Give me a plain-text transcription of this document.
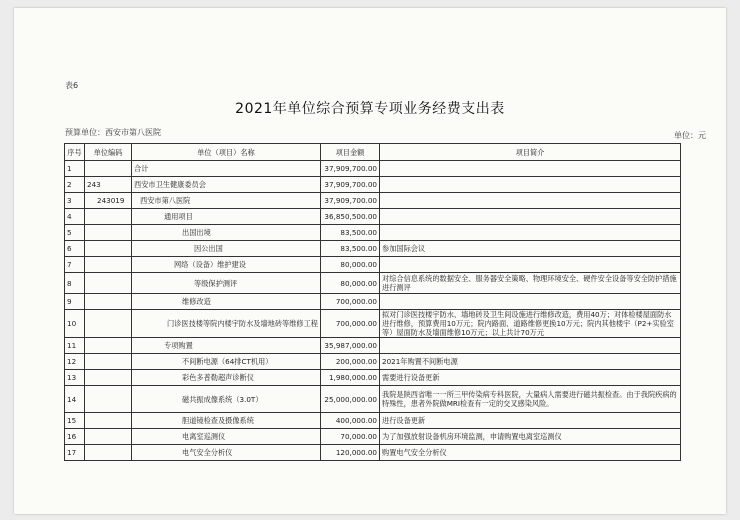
表6
2021年单位综合预算专项业务经费支出表
预算单位：西安市第八医院	单位：元
序号	单位编码	单位（项目）名称	项目金额	项目简介
1		合计	37,909,700.00	
2	243	西安市卫生健康委员会	37,909,700.00	
3	243019	西安市第八医院	37,909,700.00	
4		通用项目	36,850,500.00	
5		出国出境	83,500.00	
6		因公出国	83,500.00	参加国际会议
7		网络（设备）维护建设	80,000.00	
8		等级保护测评	80,000.00	对综合信息系统的数据安全、服务器安全策略、物理环境安全、硬件安全设备等安全防护措施进行测评
9		维修改造	700,000.00	
10		门诊医技楼等院内楼宇防水及墙地砖等维修工程	700,000.00	拟对门诊医技楼宇防水、墙地砖及卫生间设施进行维修改造，费用40万；对体检楼屋面防水进行维修，预算费用10万元；院内路面、道路维修更换10万元；院内其他楼宇（P2+实验室等）屋面防水及墙面维修10万元；以上共计70万元
11		专项购置	35,987,000.00	
12		不间断电源（64排CT机用）	200,000.00	2021年购置不间断电源
13		彩色多普勒超声诊断仪	1,980,000.00	需要进行设备更新
14		磁共振成像系统（3.0T）	25,000,000.00	我院是陕西省唯一一所三甲传染病专科医院，大量病人需要进行磁共振检查。由于我院疾病的特殊性，患者外院做MRI检查有一定的交叉感染风险。
15		胆道镜检查及摄像系统	400,000.00	进行设备更新
16		电离室巡测仪	70,000.00	为了加强放射设备机房环境监测，申请购置电离室巡测仪
17		电气安全分析仪	120,000.00	购置电气安全分析仪
